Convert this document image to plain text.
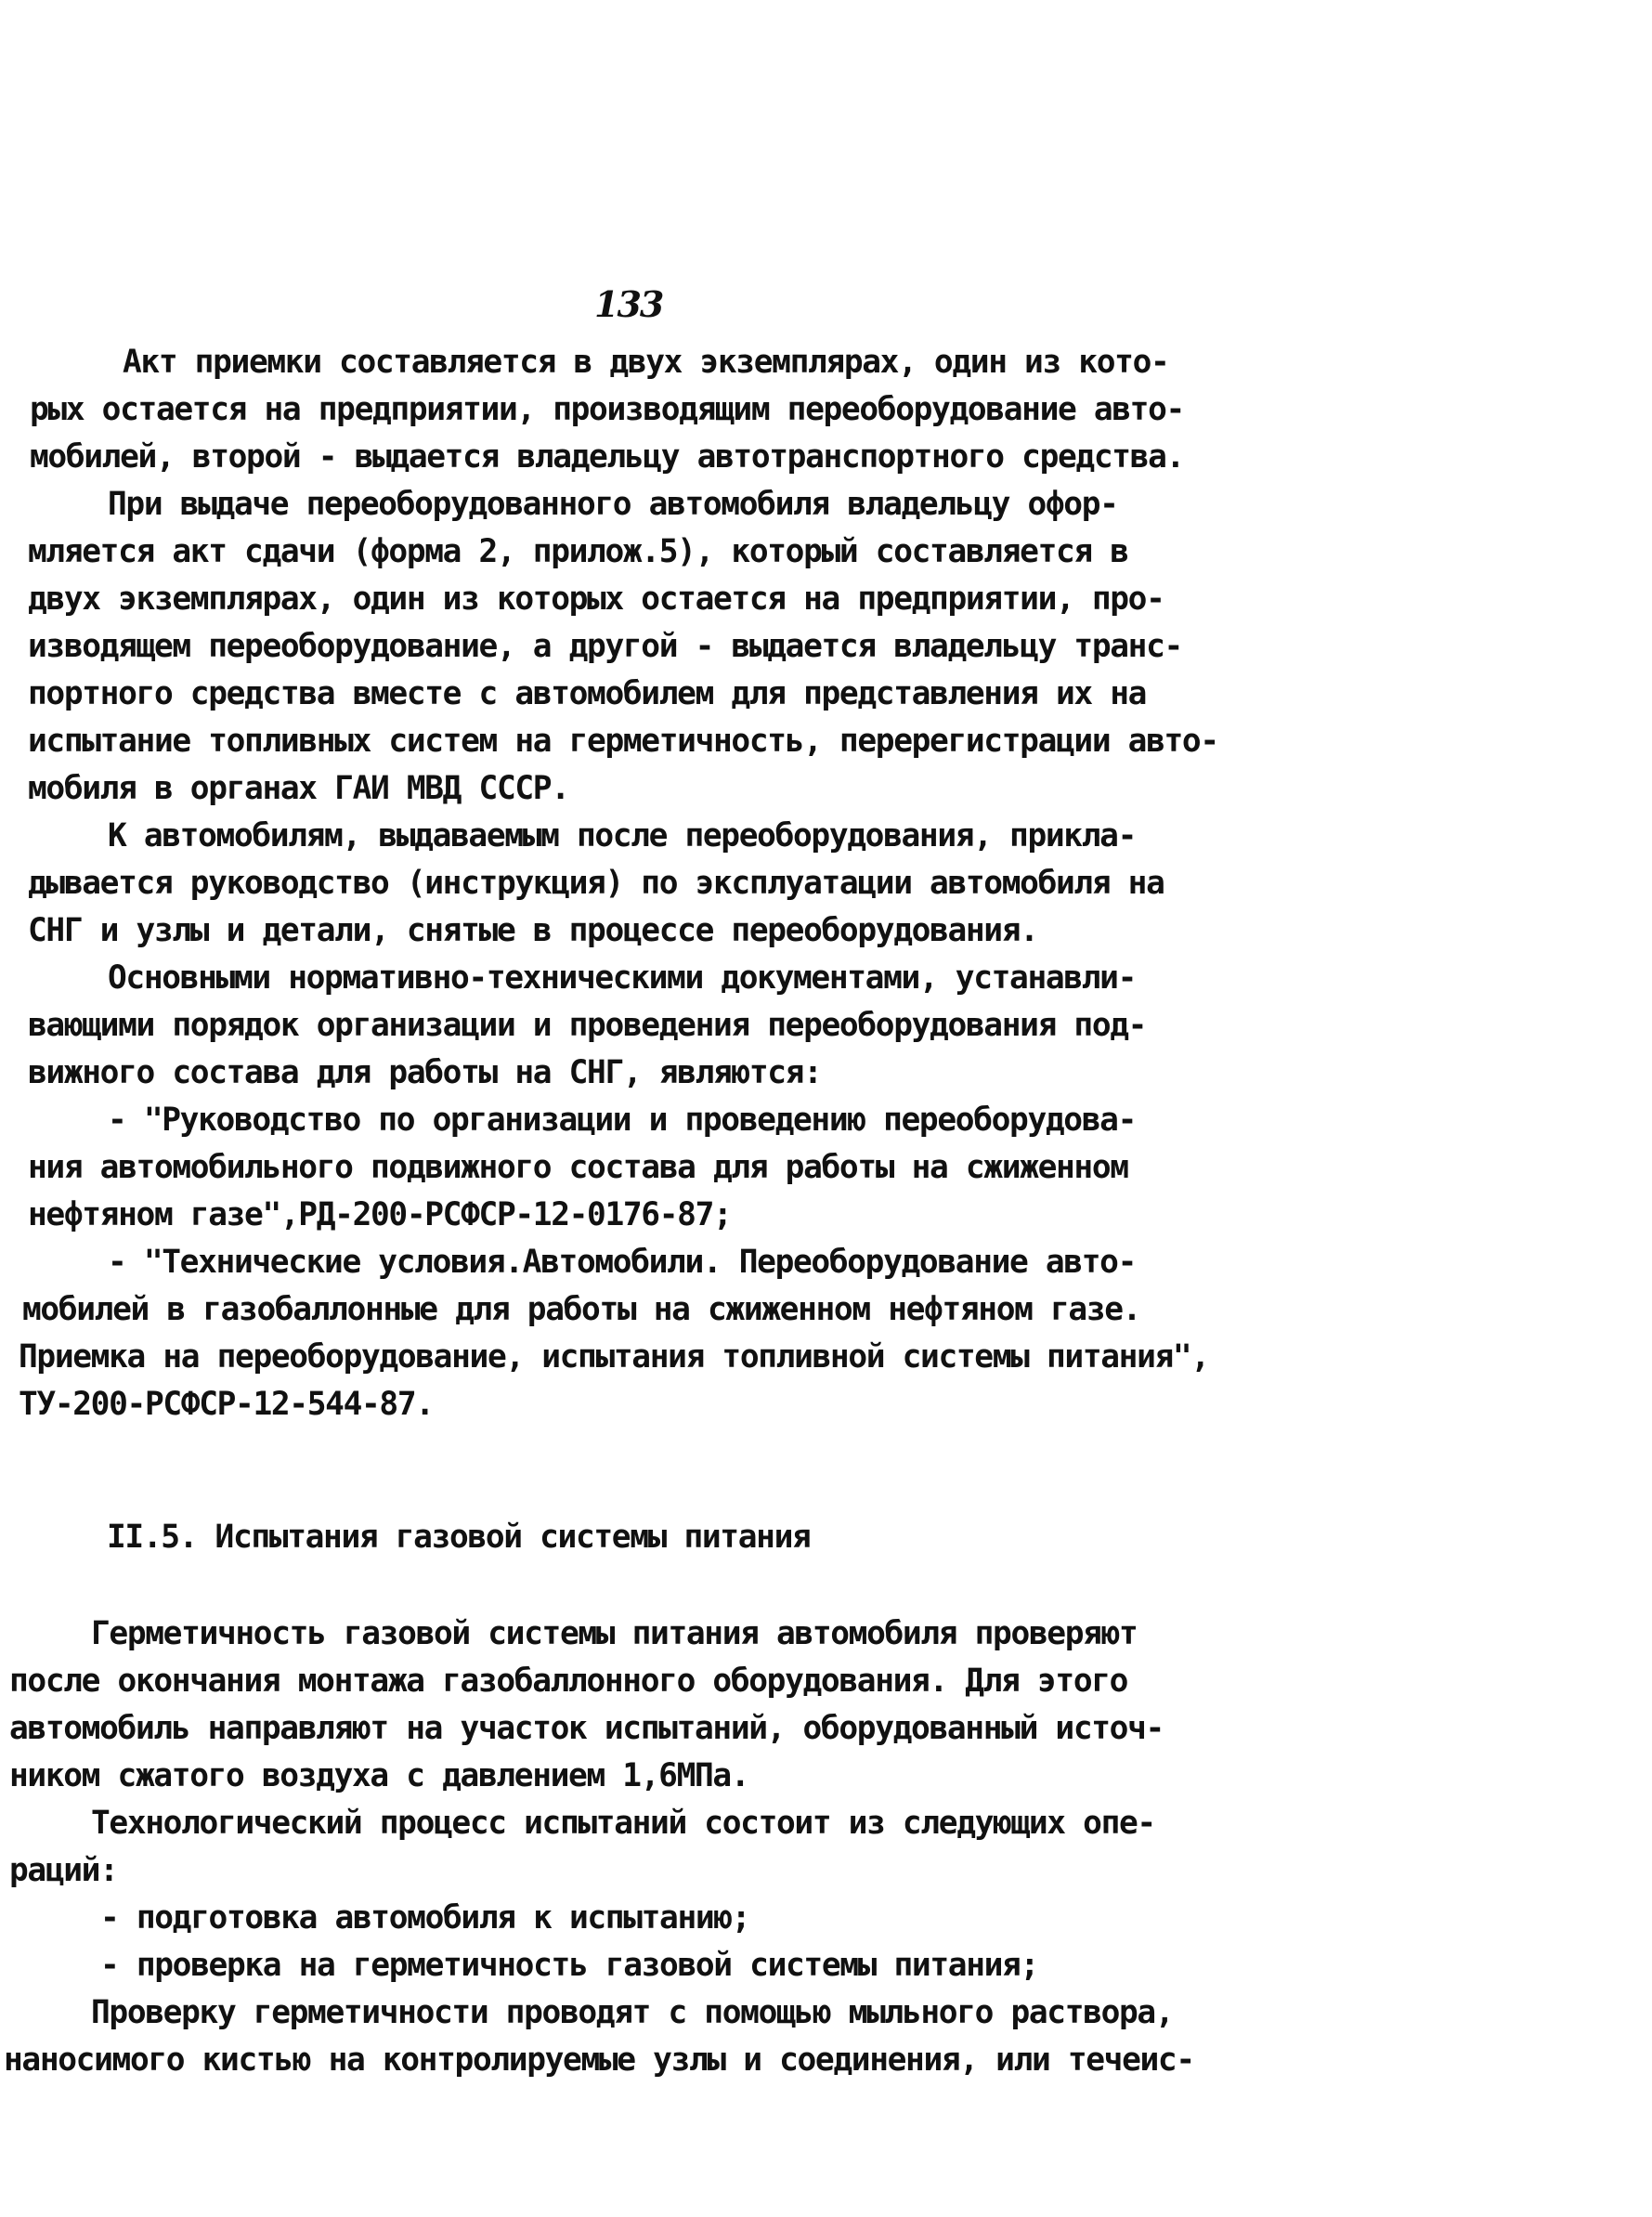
133
Акт приемки составляется в двух экземплярах, один из кото-
рых остается на предприятии, производящим переоборудование авто-
мобилей, второй - выдается владельцу автотранспортного средства.
При выдаче переоборудованного автомобиля владельцу офор-
мляется акт сдачи (форма 2, прилож.5), который составляется в
двух экземплярах, один из которых остается на предприятии, про-
изводящем переоборудование, а другой - выдается владельцу транс-
портного средства вместе с автомобилем для представления их на
испытание топливных систем на герметичность, перерегистрации авто-
мобиля в органах ГАИ МВД СССР.
К автомобилям, выдаваемым после переоборудования, прикла-
дывается руководство (инструкция) по эксплуатации автомобиля на
СНГ и узлы и детали, снятые в процессе переоборудования.
Основными нормативно-техническими документами, устанавли-
вающими порядок организации и проведения переоборудования под-
вижного состава для работы на СНГ, являются:
- "Руководство по организации и проведению переоборудова-
ния автомобильного подвижного состава для работы на сжиженном
нефтяном газе",РД-200-РСФСР-12-0176-87;
- "Технические условия.Автомобили. Переоборудование авто-
мобилей в газобаллонные для работы на сжиженном нефтяном газе.
Приемка на переоборудование, испытания топливной системы питания",
ТУ-200-РСФСР-12-544-87.
II.5. Испытания газовой системы питания
Герметичность газовой системы питания автомобиля проверяют
после окончания монтажа газобаллонного оборудования. Для этого
автомобиль направляют на участок испытаний, оборудованный источ-
ником сжатого воздуха с давлением 1,6МПа.
Технологический процесс испытаний состоит из следующих опе-
раций:
- подготовка автомобиля к испытанию;
- проверка на герметичность газовой системы питания;
Проверку герметичности проводят с помощью мыльного раствора,
наносимого кистью на контролируемые узлы и соединения, или течеис-
